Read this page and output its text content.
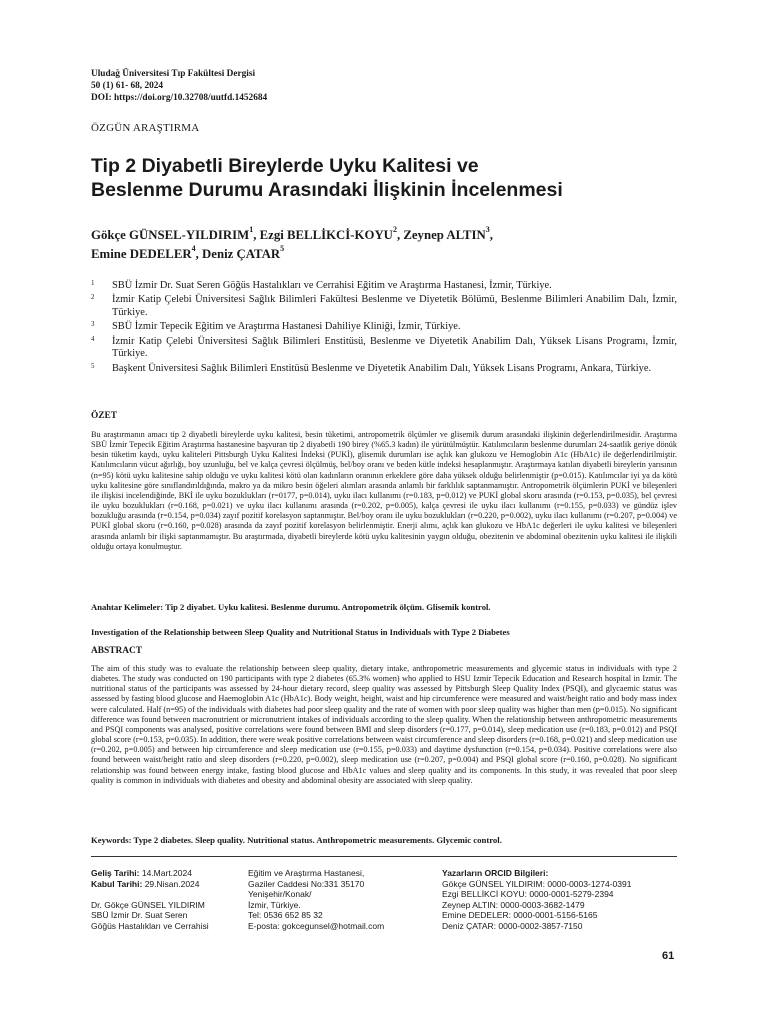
Uludağ Üniversitesi Tıp Fakültesi Dergisi
50 (1) 61- 68, 2024
DOI: https://doi.org/10.32708/uutfd.1452684
ÖZGÜN ARAŞTIRMA
Tip 2 Diyabetli Bireylerde Uyku Kalitesi ve
Beslenme Durumu Arasındaki İlişkinin İncelenmesi
Gökçe GÜNSEL-YILDIRIM$^1$, Ezgi BELLİKCİ-KOYU$^2$, Zeynep ALTIN$^3$,
Emine DEDELER$^4$, Deniz ÇATAR$^5$
1 SBÜ İzmir Dr. Suat Seren Göğüs Hastalıkları ve Cerrahisi Eğitim ve Araştırma Hastanesi, İzmir, Türkiye.
2 İzmir Katip Çelebi Üniversitesi Sağlık Bilimleri Fakültesi Beslenme ve Diyetetik Bölümü, Beslenme Bilimleri Anabilim Dalı, İzmir, Türkiye.
3 SBÜ İzmir Tepecik Eğitim ve Araştırma Hastanesi Dahiliye Kliniği, İzmir, Türkiye.
4 İzmir Katip Çelebi Üniversitesi Sağlık Bilimleri Enstitüsü, Beslenme ve Diyetetik Anabilim Dalı, Yüksek Lisans Programı, İzmir, Türkiye.
5 Başkent Üniversitesi Sağlık Bilimleri Enstitüsü Beslenme ve Diyetetik Anabilim Dalı, Yüksek Lisans Programı, Ankara, Türkiye.
ÖZET
Bu araştırmanın amacı tip 2 diyabetli bireylerde uyku kalitesi, besin tüketimi, antropometrik ölçümler ve glisemik durum arasındaki ilişkinin değerlendirilmesidir. Araştırma SBÜ İzmir Tepecik Eğitim Araştırma hastanesine başvuran tip 2 diyabetli 190 birey (%65.3 kadın) ile yürütülmüştür. Katılımcıların beslenme durumları 24-saatlik geriye dönük besin tüketim kaydı, uyku kaliteleri Pittsburgh Uyku Kalitesi İndeksi (PUKİ), glisemik durumları ise açlık kan glukozu ve Hemoglobin A1c (HbA1c) ile değerlendirilmiştir. Katılımcıların vücut ağırlığı, boy uzunluğu, bel ve kalça çevresi ölçülmüş, bel/boy oranı ve beden kütle indeksi hesaplanmıştır. Araştırmaya katılan diyabetli bireylerin yarısının (n=95) kötü uyku kalitesine sahip olduğu ve uyku kalitesi kötü olan kadınların oranının erkeklere göre daha yüksek olduğu belirlenmiştir (p=0.015). Katılımcılar iyi ya da kötü uyku kalitesine göre sınıflandırıldığında, makro ya da mikro besin öğeleri alımları arasında anlamlı bir farklılık saptanmamıştır. Antropometrik ölçümlerin PUKİ ve bileşenleri ile ilişkisi incelendiğinde, BKİ ile uyku bozuklukları (r=0177, p=0.014), uyku ilacı kullanımı (r=0.183, p=0.012) ve PUKİ global skoru arasında (r=0.153, p=0.035), bel çevresi ile uyku bozuklukları (r=0.168, p=0.021) ve uyku ilacı kullanımı arasında (r=0.202, p=0.005), kalça çevresi ile uyku ilacı kullanımı (r=0.155, p=0.033) ve gündüz işlev bozukluğu arasında (r=0.154, p=0.034) zayıf pozitif korelasyon saptanmıştır. Bel/boy oranı ile uyku bozuklukları (r=0.220, p=0.002), uyku ilacı kullanımı (r=0.207, p=0.004) ve PUKİ global skoru (r=0.160, p=0.028) arasında da zayıf pozitif korelasyon belirlenmiştir. Enerji alımı, açlık kan glukozu ve HbA1c değerleri ile uyku kalitesi ve bileşenleri arasında anlamlı bir ilişki saptanmamıştır. Bu araştırmada, diyabetli bireylerde kötü uyku kalitesinin yaygın olduğu, obezitenin ve abdominal obezitenin uyku kalitesi ile ilişkili olduğu ortaya konulmuştur.
Anahtar Kelimeler: Tip 2 diyabet. Uyku kalitesi. Beslenme durumu. Antropometrik ölçüm. Glisemik kontrol.
Investigation of the Relationship between Sleep Quality and Nutritional Status in Individuals with Type 2 Diabetes
ABSTRACT
The aim of this study was to evaluate the relationship between sleep quality, dietary intake, anthropometric measurements and glycemic status in individuals with type 2 diabetes. The study was conducted on 190 participants with type 2 diabetes (65.3% women) who applied to HSU Izmir Tepecik Education and Research hospital in Izmir. The nutritional status of the participants was assessed by 24-hour dietary record, sleep quality was assessed by Pittsburgh Sleep Quality Index (PSQI), and glycaemic status was assessed by fasting blood glucose and Haemoglobin A1c (HbA1c). Body weight, height, waist and hip circumference were measured and waist/height ratio and body mass index were calculated. Half (n=95) of the individuals with diabetes had poor sleep quality and the rate of women with poor sleep quality was higher than men (p=0.015). No significant difference was found between macronutrient or micronutrient intakes of individuals according to the sleep quality. When the relationship between anthropometric measurements and PSQI components was analysed, positive correlations were found between BMI and sleep disorders (r=0.177, p=0.014), sleep medication use (r=0.183, p=0.012) and PSQI global score (r=0.153, p=0.035). In addition, there were weak positive correlations between waist circumference and sleep disorders (r=0.168, p=0.021) and sleep medication use (r=0.202, p=0.005) and between hip circumference and sleep medication use (r=0.155, p=0.033) and daytime dysfunction (r=0.154, p=0.034). Positive correlations were also found between waist/height ratio and sleep disorders (r=0.220, p=0.002), sleep medication use (r=0.207, p=0.004) and PSQI global score (r=0.160, p=0.028). No significant relationship was found between energy intake, fasting blood glucose and HbA1c values and sleep quality and its components. In this study, it was revealed that poor sleep quality is common in individuals with diabetes and obesity and abdominal obesity are associated with sleep quality.
Keywords: Type 2 diabetes. Sleep quality. Nutritional status. Anthropometric measurements. Glycemic control.
Geliş Tarihi: 14.Mart.2024
Kabul Tarihi: 29.Nisan.2024
Dr. Gökçe GÜNSEL YILDIRIM
SBÜ İzmir Dr. Suat Seren
Göğüs Hastalıkları ve Cerrahisi
Eğitim ve Araştırma Hastanesi,
Gaziler Caddesi No:331 35170
Yenişehir/Konak/
İzmir, Türkiye.
Tel: 0536 652 85 32
E-posta: gokcegunsel@hotmail.com
Yazarların ORCID Bilgileri:
Gökçe GÜNSEL YILDIRIM: 0000-0003-1274-0391
Ezgi BELLİKCİ KOYU: 0000-0001-5279-2394
Zeynep ALTIN: 0000-0003-3682-1479
Emine DEDELER: 0000-0001-5156-5165
Deniz ÇATAR: 0000-0002-3857-7150
61
